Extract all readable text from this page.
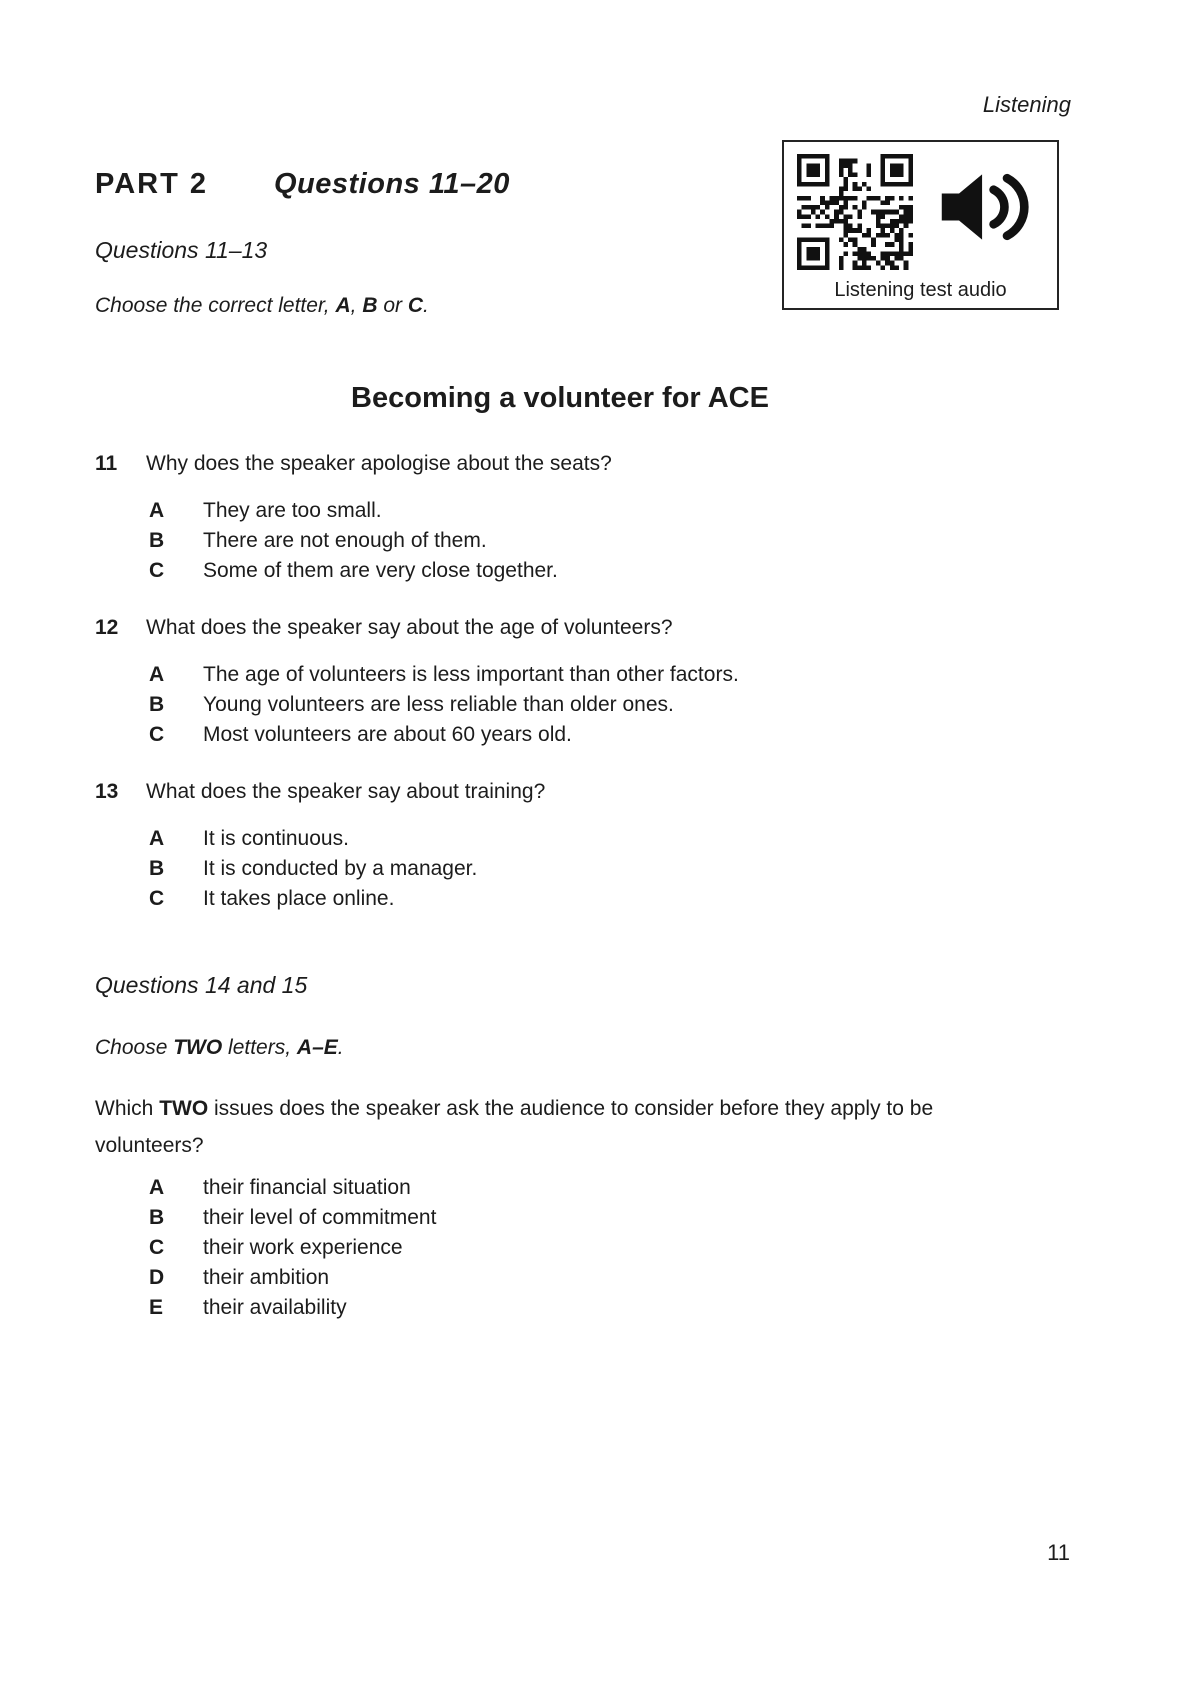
Listening
Listening test audio
PART 2 Questions 11–20
Questions 11–13
Choose the correct letter, A, B or C.
Becoming a volunteer for ACE
11	Why does the speaker apologise about the seats?
A	They are too small.
B	There are not enough of them.
C	Some of them are very close together.
12	What does the speaker say about the age of volunteers?
A	The age of volunteers is less important than other factors.
B	Young volunteers are less reliable than older ones.
C	Most volunteers are about 60 years old.
13	What does the speaker say about training?
A	It is continuous.
B	It is conducted by a manager.
C	It takes place online.
Questions 14 and 15
Choose TWO letters, A–E.
Which TWO issues does the speaker ask the audience to consider before they apply to be volunteers?
A	their financial situation
B	their level of commitment
C	their work experience
D	their ambition
E	their availability
11
